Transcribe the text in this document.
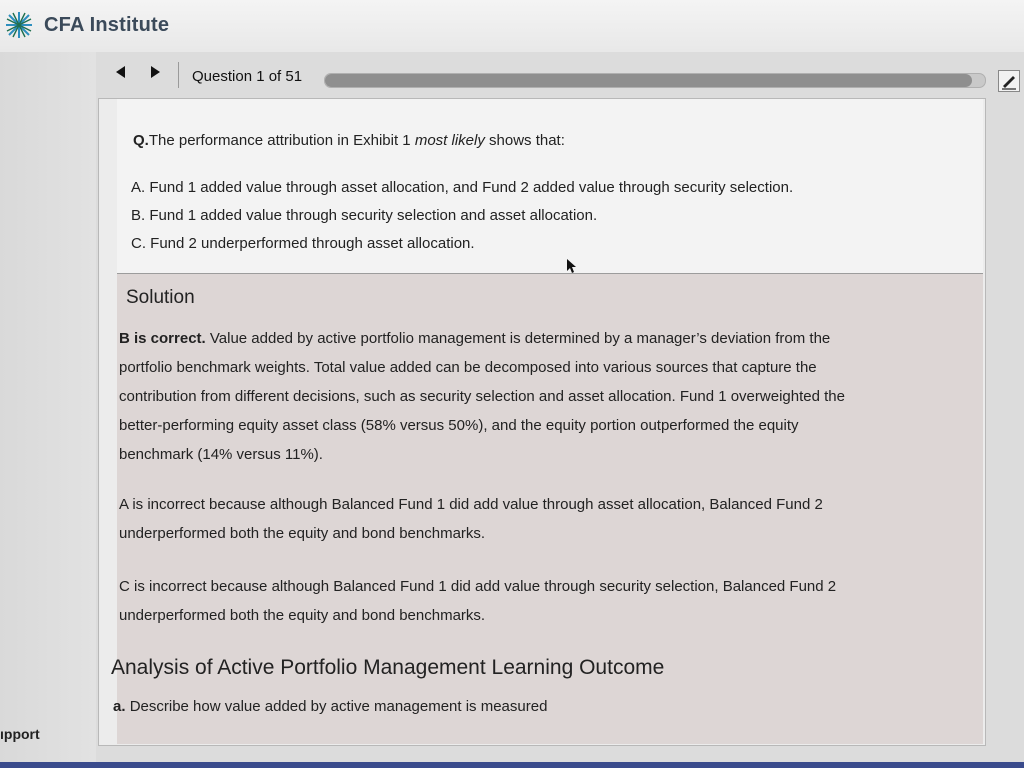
CFA Institute
ıpport
Question 1 of 51
Q.The performance attribution in Exhibit 1 most likely shows that:
A. Fund 1 added value through asset allocation, and Fund 2 added value through security selection.
B. Fund 1 added value through security selection and asset allocation.
C. Fund 2 underperformed through asset allocation.
Solution
B is correct. Value added by active portfolio management is determined by a manager’s deviation from the
portfolio benchmark weights. Total value added can be decomposed into various sources that capture the
contribution from different decisions, such as security selection and asset allocation. Fund 1 overweighted the
better-performing equity asset class (58% versus 50%), and the equity portion outperformed the equity
benchmark (14% versus 11%).
A is incorrect because although Balanced Fund 1 did add value through asset allocation, Balanced Fund 2
underperformed both the equity and bond benchmarks.
C is incorrect because although Balanced Fund 1 did add value through security selection, Balanced Fund 2
underperformed both the equity and bond benchmarks.
Analysis of Active Portfolio Management Learning Outcome
a. Describe how value added by active management is measured
